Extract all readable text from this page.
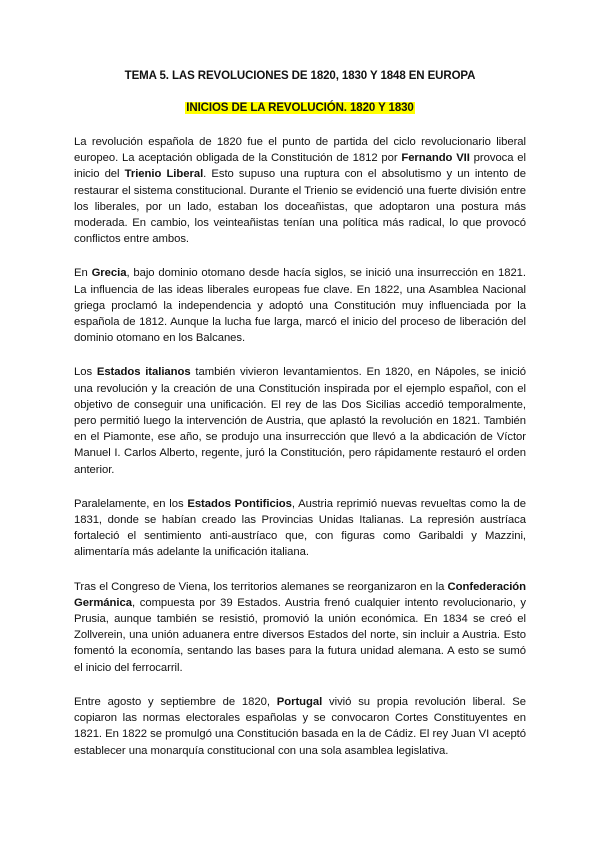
TEMA 5. LAS REVOLUCIONES DE 1820, 1830 Y 1848 EN EUROPA
INICIOS DE LA REVOLUCIÓN. 1820 Y 1830

La revolución española de 1820 fue el punto de partida del ciclo revolucionario liberal europeo. La aceptación obligada de la Constitución de 1812 por Fernando VII provoca el inicio del Trienio Liberal. Esto supuso una ruptura con el absolutismo y un intento de restaurar el sistema constitucional. Durante el Trienio se evidenció una fuerte división entre los liberales, por un lado, estaban los doceañistas, que adoptaron una postura más moderada. En cambio, los veinteañistas tenían una política más radical, lo que provocó conflictos entre ambos.

En Grecia, bajo dominio otomano desde hacía siglos, se inició una insurrección en 1821. La influencia de las ideas liberales europeas fue clave. En 1822, una Asamblea Nacional griega proclamó la independencia y adoptó una Constitución muy influenciada por la española de 1812. Aunque la lucha fue larga, marcó el inicio del proceso de liberación del dominio otomano en los Balcanes.

Los Estados italianos también vivieron levantamientos. En 1820, en Nápoles, se inició una revolución y la creación de una Constitución inspirada por el ejemplo español, con el objetivo de conseguir una unificación. El rey de las Dos Sicilias accedió temporalmente, pero permitió luego la intervención de Austria, que aplastó la revolución en 1821. También en el Piamonte, ese año, se produjo una insurrección que llevó a la abdicación de Víctor Manuel I. Carlos Alberto, regente, juró la Constitución, pero rápidamente restauró el orden anterior.

Paralelamente, en los Estados Pontificios, Austria reprimió nuevas revueltas como la de 1831, donde se habían creado las Provincias Unidas Italianas. La represión austríaca fortaleció el sentimiento anti-austríaco que, con figuras como Garibaldi y Mazzini, alimentaría más adelante la unificación italiana.

Tras el Congreso de Viena, los territorios alemanes se reorganizaron en la Confederación Germánica, compuesta por 39 Estados. Austria frenó cualquier intento revolucionario, y Prusia, aunque también se resistió, promovió la unión económica. En 1834 se creó el Zollverein, una unión aduanera entre diversos Estados del norte, sin incluir a Austria. Esto fomentó la economía, sentando las bases para la futura unidad alemana. A esto se sumó el inicio del ferrocarril.

Entre agosto y septiembre de 1820, Portugal vivió su propia revolución liberal. Se copiaron las normas electorales españolas y se convocaron Cortes Constituyentes en 1821. En 1822 se promulgó una Constitución basada en la de Cádiz. El rey Juan VI aceptó establecer una monarquía constitucional con una sola asamblea legislativa.
